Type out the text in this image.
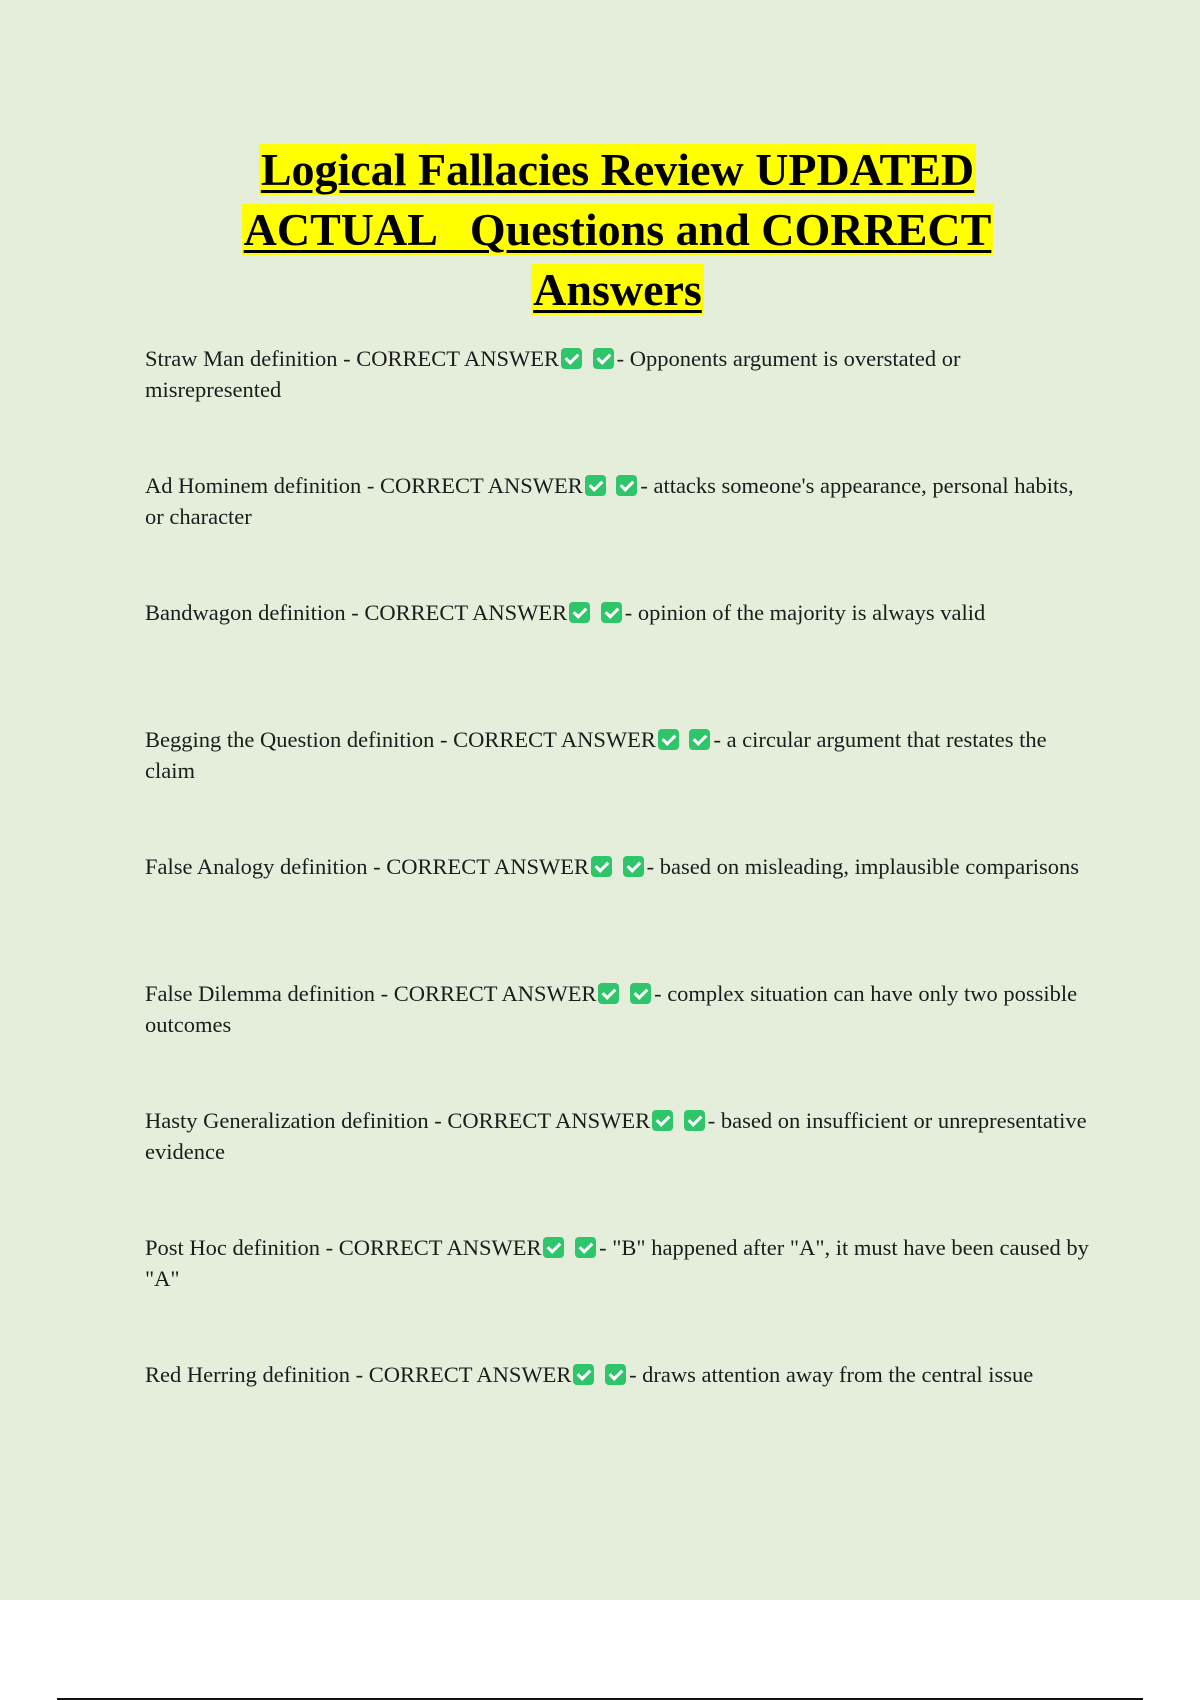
Logical Fallacies Review UPDATED
ACTUAL   Questions and CORRECT
Answers
Straw Man definition - CORRECT ANSWER	- Opponents argument is overstated or misrepresented
Ad Hominem definition - CORRECT ANSWER	- attacks someone's appearance, personal habits, or character
Bandwagon definition - CORRECT ANSWER	- opinion of the majority is always valid
Begging the Question definition - CORRECT ANSWER	- a circular argument that restates the claim
False Analogy definition - CORRECT ANSWER	- based on misleading, implausible comparisons
False Dilemma definition - CORRECT ANSWER	- complex situation can have only two possible outcomes
Hasty Generalization definition - CORRECT ANSWER	- based on insufficient or unrepresentative evidence
Post Hoc definition - CORRECT ANSWER	- "B" happened after "A", it must have been caused by "A"
Red Herring definition - CORRECT ANSWER	- draws attention away from the central issue
